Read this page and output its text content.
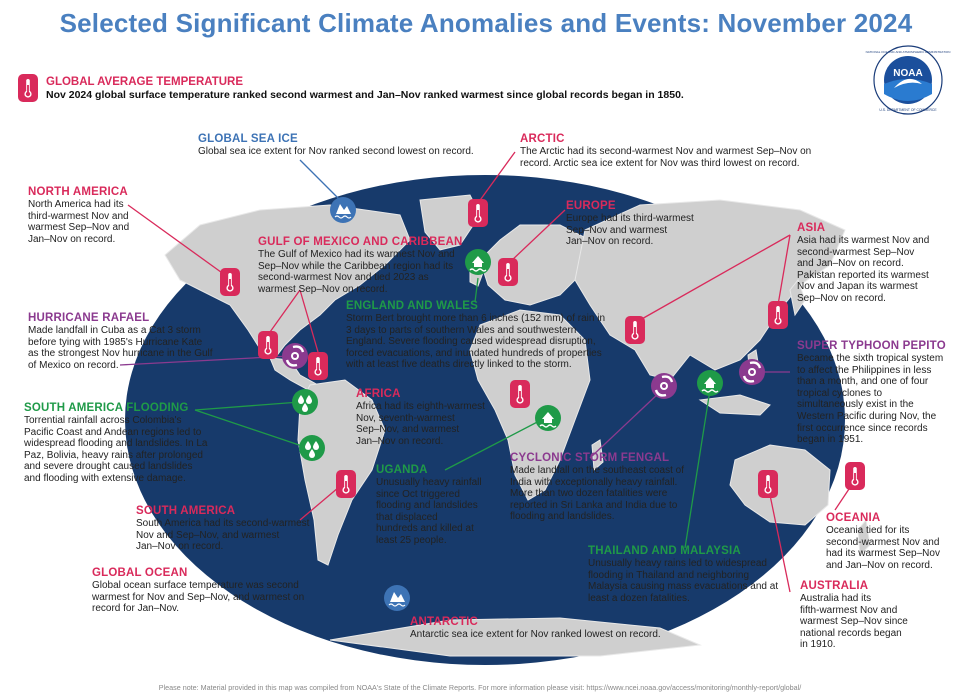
Selected Significant Climate Anomalies and Events: November 2024
NOAA
NATIONAL OCEANIC AND ATMOSPHERIC ADMINISTRATION
U.S. DEPARTMENT OF COMMERCE
GLOBAL AVERAGE TEMPERATURE
Nov 2024 global surface temperature ranked second warmest and Jan–Nov ranked warmest since global records began in 1850.
GLOBAL SEA ICE
Global sea ice extent for Nov ranked second lowest on record.
ARCTIC
The Arctic had its second-warmest Nov and warmest Sep–Nov on
record. Arctic sea ice extent for Nov was third lowest on record.
NORTH AMERICA
North America had its
third-warmest Nov and
warmest Sep–Nov and
Jan–Nov on record.
EUROPE
Europe had its third-warmest
Sep–Nov and warmest
Jan–Nov on record.
ASIA
Asia had its warmest Nov and
second-warmest Sep–Nov
and Jan–Nov on record.
Pakistan reported its warmest
Nov and Japan its warmest
Sep–Nov on record.
GULF OF MEXICO AND CARIBBEAN
The Gulf of Mexico had its warmest Nov and
Sep–Nov while the Caribbean region had its
second-warmest Nov and tied 2023 as
warmest Sep–Nov on record.
HURRICANE RAFAEL
Made landfall in Cuba as a Cat 3 storm
before tying with 1985's Hurricane Kate
as the strongest Nov hurricane in the Gulf
of Mexico on record.
ENGLAND AND WALES
Storm Bert brought more than 6 inches (152 mm) of rain in
3 days to parts of southern Wales and southwestern
England. Severe flooding caused widespread disruption,
forced evacuations, and inundated hundreds of properties
with at least five deaths directly linked to the storm.
SUPER TYPHOON PEPITO
Became the sixth tropical system
to affect the Philippines in less
than a month, and one of four
tropical cyclones to
simultaneously exist in the
Western Pacific during Nov, the
first occurrence since records
began in 1951.
SOUTH AMERICA FLOODING
Torrential rainfall across Colombia's
Pacific Coast and Andean regions led to
widespread flooding and landslides. In La
Paz, Bolivia, heavy rains after prolonged
and severe drought caused landslides
and flooding with extensive damage.
AFRICA
Africa had its eighth-warmest
Nov, seventh-warmest
Sep–Nov, and warmest
Jan–Nov on record.
CYCLONIC STORM FENGAL
Made landfall on the southeast coast of
India with exceptionally heavy rainfall.
More than two dozen fatalities were
reported in Sri Lanka and India due to
flooding and landslides.
UGANDA
Unusually heavy rainfall
since Oct triggered
flooding and landslides
that displaced
hundreds and killed at
least 25 people.
SOUTH AMERICA
South America had its second-warmest
Nov and Sep–Nov, and warmest
Jan–Nov on record.
OCEANIA
Oceania tied for its
second-warmest Nov and
had its warmest Sep–Nov
and Jan–Nov on record.
THAILAND AND MALAYSIA
Unusually heavy rains led to widespread
flooding in Thailand and neighboring
Malaysia causing mass evacuations and at
least a dozen fatalities.
GLOBAL OCEAN
Global ocean surface temperature was second
warmest for Nov and Sep–Nov, and warmest on
record for Jan–Nov.
AUSTRALIA
Australia had its
fifth-warmest Nov and
warmest Sep–Nov since
national records began
in 1910.
ANTARCTIC
Antarctic sea ice extent for Nov ranked lowest on record.
Please note: Material provided in this map was compiled from NOAA's State of the Climate Reports. For more information please visit: https://www.ncei.noaa.gov/access/monitoring/monthly-report/global/
